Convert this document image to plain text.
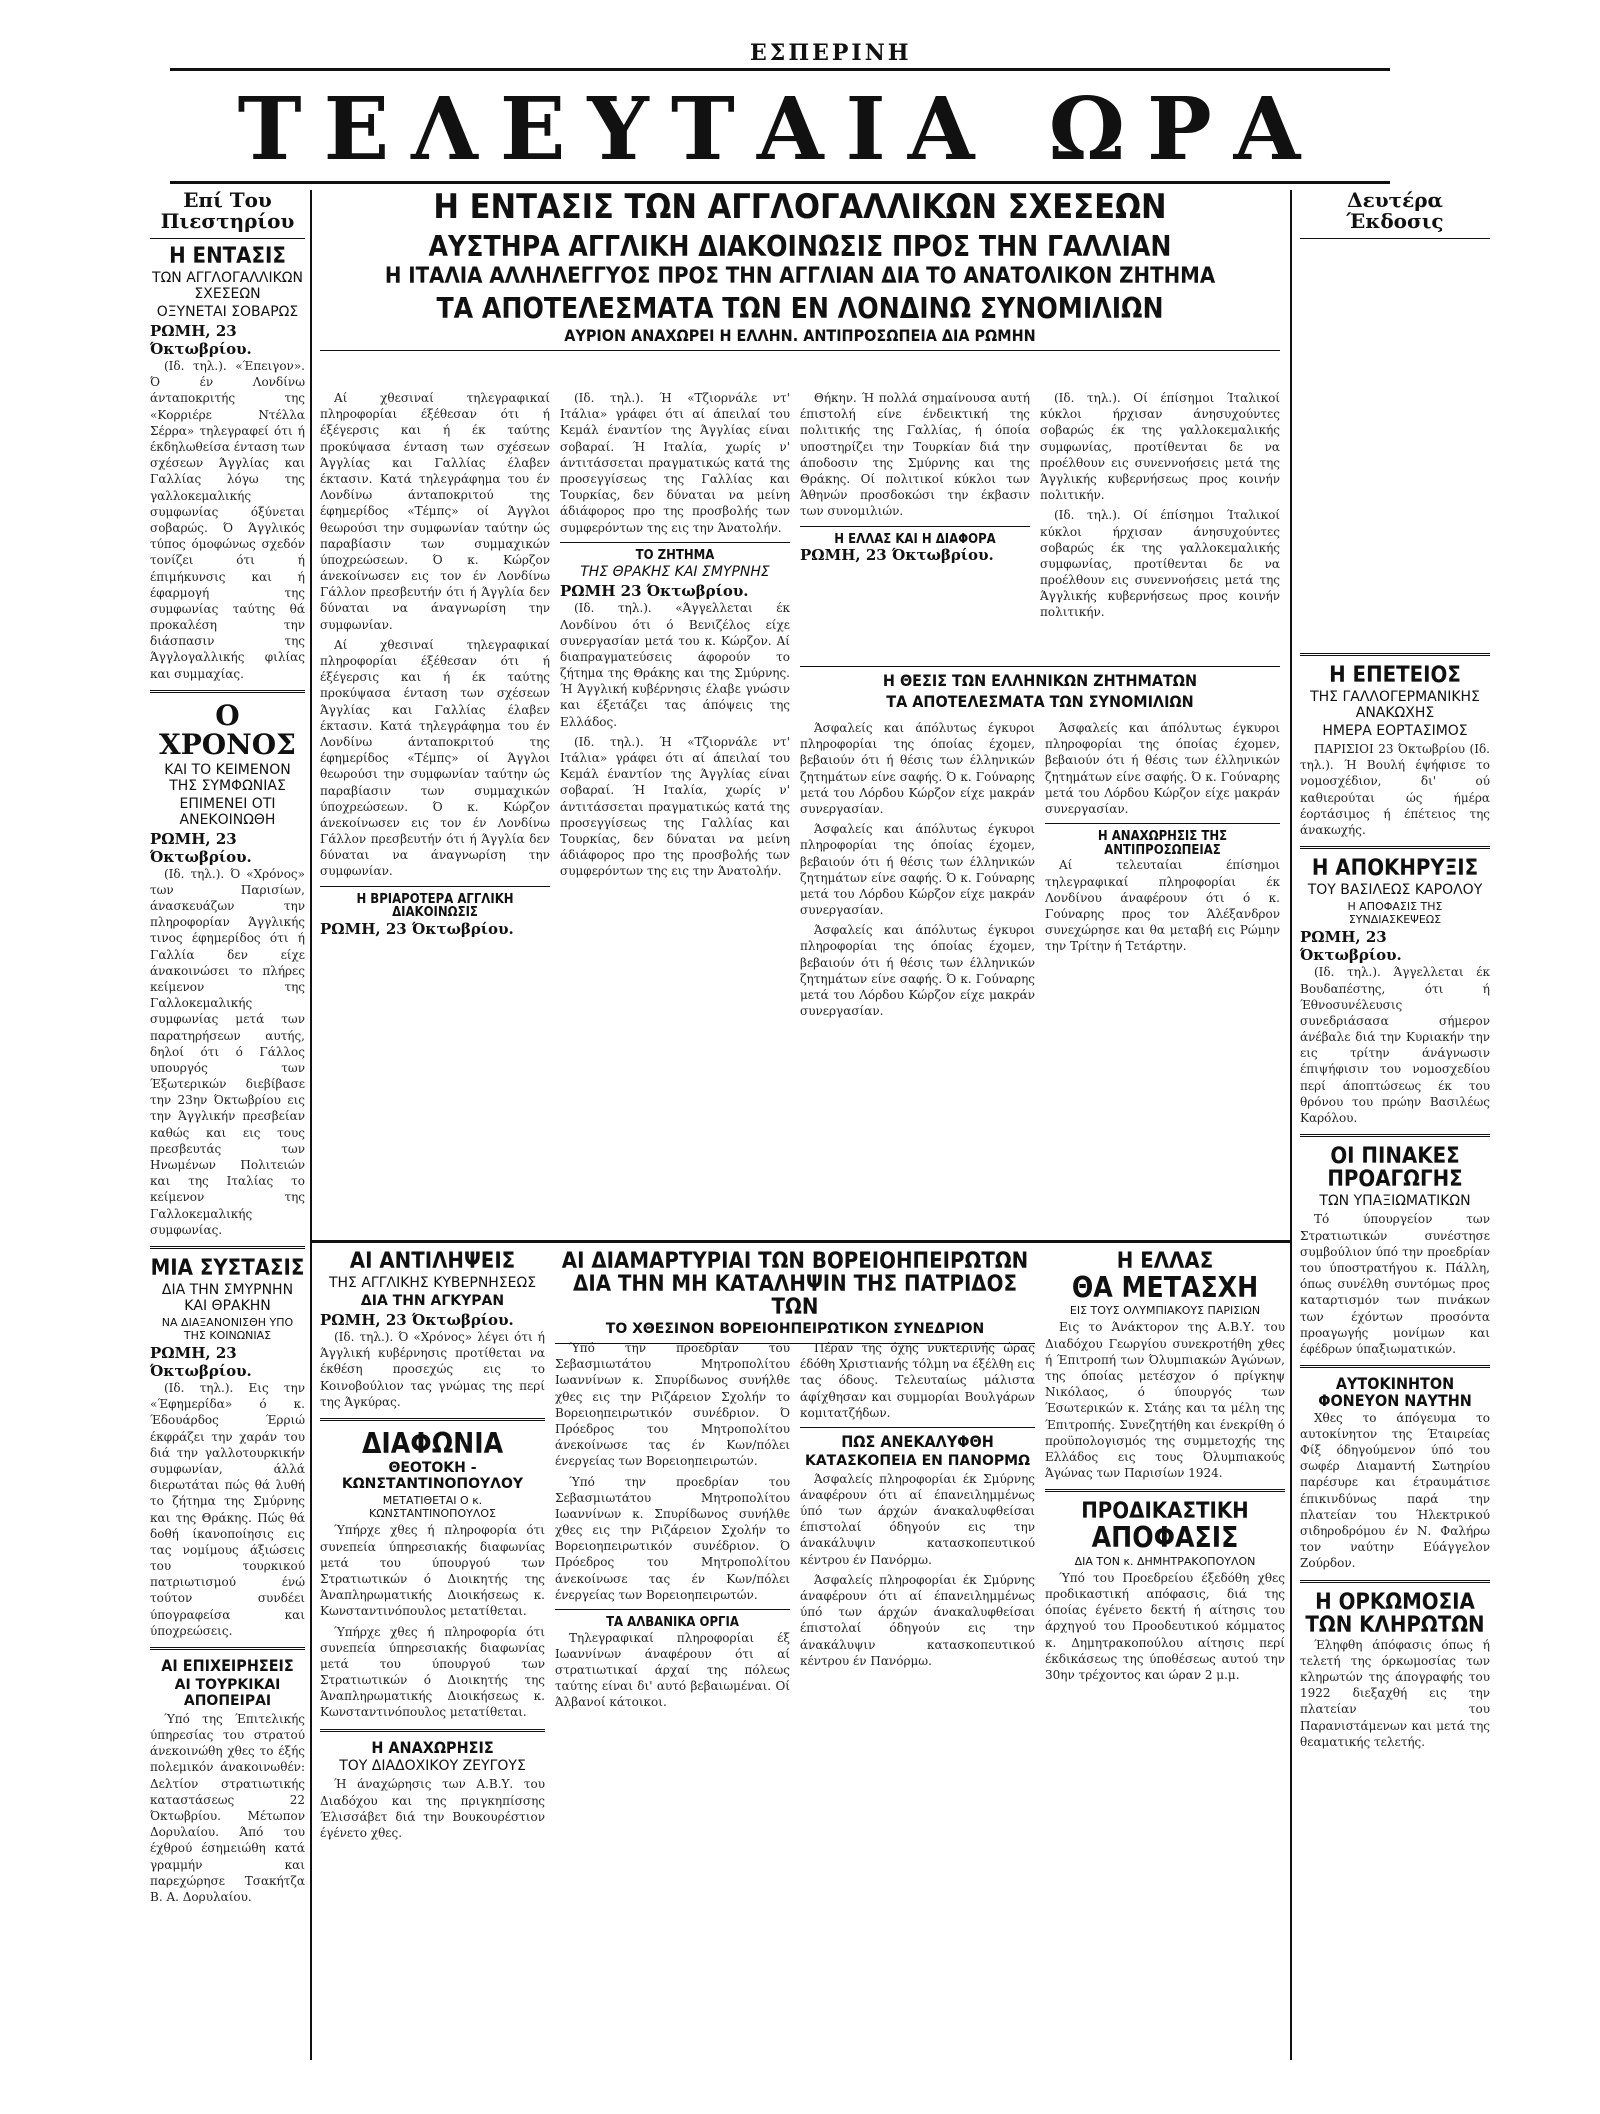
ΕΣΠΕΡΙΝΗ
ΤΕΛΕΥΤΑΙΑ ΩΡΑ
Επί Του Πιεστηρίου
Η ΕΝΤΑΣΙΣ
ΤΩΝ ΑΓΓΛΟΓΑΛΛΙΚΩΝ ΣΧΕΣΕΩΝ
ΟΞΥΝΕΤΑΙ ΣΟΒΑΡΩΣ
ΡΩΜΗ, 23 Όκτωβρίου.

(Ιδ. τηλ.). «Έπειγον». Ό έν Λονδίνω άνταποκριτής της «Κορριέρε Ντέλλα Σέρρα» τηλεγραφεί ότι ή έκδηλωθείσα ένταση των σχέσεων Άγγλίας και Γαλλίας λόγω της γαλλοκεμαλικής συμφωνίας όξύνεται σοβαρώς. Ό Άγγλικός τύπος όμοφώνως σχεδόν τονίζει ότι ή έπιμήκυνσις και ή έφαρμογή της συμφωνίας ταύτης θά προκαλέση την διάσπασιν της Άγγλογαλλικής φιλίας και συμμαχίας.

Ο ΧΡΟΝΟΣ
ΚΑΙ ΤΟ ΚΕΙΜΕΝΟΝ ΤΗΣ ΣΥΜΦΩΝΙΑΣ
ΕΠΙΜΕΝΕΙ ΟΤΙ ΑΝΕΚΟΙΝΩΘΗ
ΡΩΜΗ, 23 Όκτωβρίου.

(Ιδ. τηλ.). Ό «Χρόνος» των Παρισίων, άνασκευάζων την πληροφορίαν Άγγλικής τινος έφημερίδος ότι ή Γαλλία δεν είχε άνακοινώσει το πλήρες κείμενον της Γαλλοκεμαλικής συμφωνίας μετά των παρατηρήσεων αυτής, δηλοί ότι ό Γάλλος υπουργός των Έξωτερικών διεβίβασε την 23ην Όκτωβρίου εις την Άγγλικήν πρεσβείαν καθώς και εις τους πρεσβευτάς των Ηνωμένων Πολιτειών και της Ιταλίας το κείμενον της Γαλλοκεμαλικής συμφωνίας.

ΜΙΑ ΣΥΣΤΑΣΙΣ
ΔΙΑ ΤΗΝ ΣΜΥΡΝΗΝ ΚΑΙ ΘΡΑΚΗΝ
ΝΑ ΔΙΑΞΑΝΟΝΙΣΘΗ ΥΠΟ ΤΗΣ ΚΟΙΝΩΝΙΑΣ
ΡΩΜΗ, 23 Όκτωβρίου.

(Ιδ. τηλ.). Εις την «Έφημερίδα» ό κ. Έδουάρδος Έρριώ έκφράζει την χαράν του διά την γαλλοτουρκικήν συμφωνίαν, άλλά διερωτάται πώς θά λυθή το ζήτημα της Σμύρνης και της Θράκης. Πώς θά δοθή ίκανοποίησις εις τας νομίμους άξιώσεις του τουρκικού πατριωτισμού ένώ τούτον συνδέει ύπογραφείσα και ύποχρεώσεις.

ΑΙ ΕΠΙΧΕΙΡΗΣΕΙΣ
ΑΙ ΤΟΥΡΚΙΚΑΙ ΑΠΟΠΕΙΡΑΙ

Ύπό της Έπιτελικής ύπηρεσίας του στρατού άνεκοινώθη χθες το έξής πολεμικόν άνακοινωθέν: Δελτίον στρατιωτικής καταστάσεως 22 Όκτωβρίου. Μέτωπον Δορυλαίου. Άπό του έχθρού έσημειώθη κατά γραμμήν και παρεχώρησε Τσακήτζα Β. Α. Δορυλαίου.

Η ΕΝΤΑΣΙΣ ΤΩΝ ΑΓΓΛΟΓΑΛΛΙΚΩΝ ΣΧΕΣΕΩΝ
ΑΥΣΤΗΡΑ ΑΓΓΛΙΚΗ ΔΙΑΚΟΙΝΩΣΙΣ ΠΡΟΣ ΤΗΝ ΓΑΛΛΙΑΝ
Η ΙΤΑΛΙΑ ΑΛΛΗΛΕΓΓΥΟΣ ΠΡΟΣ ΤΗΝ ΑΓΓΛΙΑΝ ΔΙΑ ΤΟ ΑΝΑΤΟΛΙΚΟΝ ΖΗΤΗΜΑ
ΤΑ ΑΠΟΤΕΛΕΣΜΑΤΑ ΤΩΝ ΕΝ ΛΟΝΔΙΝΩ ΣΥΝΟΜΙΛΙΩΝ
ΑΥΡΙΟΝ ΑΝΑΧΩΡΕΙ Η ΕΛΛΗΝ. ΑΝΤΙΠΡΟΣΩΠΕΙΑ ΔΙΑ ΡΩΜΗΝ

Αί χθεσιναί τηλεγραφικαί πληροφορίαι έξέθεσαν ότι ή έξέγερσις και ή έκ ταύτης προκύψασα ένταση των σχέσεων Άγγλίας και Γαλλίας έλαβεν έκτασιν. Κατά τηλεγράφημα του έν Λονδίνω άνταποκριτού της έφημερίδος «Τέμπς» οί Άγγλοι θεωρούσι την συμφωνίαν ταύτην ώς παραβίασιν των συμμαχικών ύποχρεώσεων. Ό κ. Κώρζον άνεκοίνωσεν εις τον έν Λονδίνω Γάλλον πρεσβευτήν ότι ή Άγγλία δεν δύναται να άναγνωρίση την συμφωνίαν.

Αί χθεσιναί τηλεγραφικαί πληροφορίαι έξέθεσαν ότι ή έξέγερσις και ή έκ ταύτης προκύψασα ένταση των σχέσεων Άγγλίας και Γαλλίας έλαβεν έκτασιν. Κατά τηλεγράφημα του έν Λονδίνω άνταποκριτού της έφημερίδος «Τέμπς» οί Άγγλοι θεωρούσι την συμφωνίαν ταύτην ώς παραβίασιν των συμμαχικών ύποχρεώσεων. Ό κ. Κώρζον άνεκοίνωσεν εις τον έν Λονδίνω Γάλλον πρεσβευτήν ότι ή Άγγλία δεν δύναται να άναγνωρίση την συμφωνίαν.

Η ΒΡΙΑΡΟΤΕΡΑ ΑΓΓΛΙΚΗ ΔΙΑΚΟΙΝΩΣΙΣ
ΡΩΜΗ, 23 Όκτωβρίου.

(Ιδ. τηλ.). Ή «Τζιορνάλε ντ' Ιτάλια» γράφει ότι αί άπειλαί του Κεμάλ έναντίον της Άγγλίας είναι σοβαραί. Ή Ιταλία, χωρίς ν' άντιτάσσεται πραγματικώς κατά της προσεγγίσεως της Γαλλίας και Τουρκίας, δεν δύναται να μείνη άδιάφορος προ της προσβολής των συμφερόντων της εις την Άνατολήν.

ΤΟ ΖΗΤΗΜΑ
ΤΗΣ ΘΡΑΚΗΣ ΚΑΙ ΣΜΥΡΝΗΣ
ΡΩΜΗ 23 Όκτωβρίου.

(Ιδ. τηλ.). «Άγγελλεται έκ Λονδίνου ότι ό Βενιζέλος είχε συνεργασίαν μετά του κ. Κώρζον. Αί διαπραγματεύσεις άφορούν το ζήτημα της Θράκης και της Σμύρνης. Ή Άγγλική κυβέρνησις έλαβε γνώσιν και έξετάζει τας άπόψεις της Ελλάδος.

(Ιδ. τηλ.). Ή «Τζιορνάλε ντ' Ιτάλια» γράφει ότι αί άπειλαί του Κεμάλ έναντίον της Άγγλίας είναι σοβαραί. Ή Ιταλία, χωρίς ν' άντιτάσσεται πραγματικώς κατά της προσεγγίσεως της Γαλλίας και Τουρκίας, δεν δύναται να μείνη άδιάφορος προ της προσβολής των συμφερόντων της εις την Άνατολήν.

Θήκην. Ή πολλά σημαίνουσα αυτή έπιστολή είνε ένδεικτική της πολιτικής της Γαλλίας, ή όποία υποστηρίζει την Τουρκίαν διά την άποδοσιν της Σμύρνης και της Θράκης. Οί πολιτικοί κύκλοι των Άθηνών προσδοκώσι την έκβασιν των συνομιλιών.

Η ΕΛΛΑΣ ΚΑΙ Η ΔΙΑΦΟΡΑ
ΡΩΜΗ, 23 Όκτωβρίου.

(Ιδ. τηλ.). Οί έπίσημοι Ίταλικοί κύκλοι ήρχισαν άνησυχούντες σοβαρώς έκ της γαλλοκεμαλικής συμφωνίας, προτίθενται δε να προέλθουν εις συνεννοήσεις μετά της Άγγλικής κυβερνήσεως προς κοινήν πολιτικήν.

(Ιδ. τηλ.). Οί έπίσημοι Ίταλικοί κύκλοι ήρχισαν άνησυχούντες σοβαρώς έκ της γαλλοκεμαλικής συμφωνίας, προτίθενται δε να προέλθουν εις συνεννοήσεις μετά της Άγγλικής κυβερνήσεως προς κοινήν πολιτικήν.

Η ΘΕΣΙΣ ΤΩΝ ΕΛΛΗΝΙΚΩΝ ΖΗΤΗΜΑΤΩΝ
ΤΑ ΑΠΟΤΕΛΕΣΜΑΤΑ ΤΩΝ ΣΥΝΟΜΙΛΙΩΝ

Άσφαλείς και άπόλυτως έγκυροι πληροφορίαι της όποίας έχομεν, βεβαιούν ότι ή θέσις των έλληνικών ζητημάτων είνε σαφής. Ό κ. Γούναρης μετά του Λόρδου Κώρζον είχε μακράν συνεργασίαν.

Άσφαλείς και άπόλυτως έγκυροι πληροφορίαι της όποίας έχομεν, βεβαιούν ότι ή θέσις των έλληνικών ζητημάτων είνε σαφής. Ό κ. Γούναρης μετά του Λόρδου Κώρζον είχε μακράν συνεργασίαν.

Άσφαλείς και άπόλυτως έγκυροι πληροφορίαι της όποίας έχομεν, βεβαιούν ότι ή θέσις των έλληνικών ζητημάτων είνε σαφής. Ό κ. Γούναρης μετά του Λόρδου Κώρζον είχε μακράν συνεργασίαν.

Άσφαλείς και άπόλυτως έγκυροι πληροφορίαι της όποίας έχομεν, βεβαιούν ότι ή θέσις των έλληνικών ζητημάτων είνε σαφής. Ό κ. Γούναρης μετά του Λόρδου Κώρζον είχε μακράν συνεργασίαν.

Η ΑΝΑΧΩΡΗΣΙΣ ΤΗΣ ΑΝΤΙΠΡΟΣΩΠΕΙΑΣ

Αί τελευταίαι έπίσημοι τηλεγραφικαί πληροφορίαι έκ Λονδίνου άναφέρουν ότι ό κ. Γούναρης προς τον Άλέξανδρον συνεχώρησε και θα μεταβή εις Ρώμην την Τρίτην ή Τετάρτην.

ΑΙ ΑΝΤΙΛΗΨΕΙΣ
ΤΗΣ ΑΓΓΛΙΚΗΣ ΚΥΒΕΡΝΗΣΕΩΣ
ΔΙΑ ΤΗΝ ΑΓΚΥΡΑΝ
ΡΩΜΗ, 23 Όκτωβρίου.

(Ιδ. τηλ.). Ό «Χρόνος» λέγει ότι ή Άγγλική κυβέρνησις προτίθεται να έκθέση προσεχώς εις το Κοινοβούλιον τας γνώμας της περί της Άγκύρας.

ΔΙΑΦΩΝΙΑ
ΘΕΟΤΟΚΗ - ΚΩΝΣΤΑΝΤΙΝΟΠΟΥΛΟΥ
ΜΕΤΑΤΙΘΕΤΑΙ Ο κ. ΚΩΝΣΤΑΝΤΙΝΟΠΟΥΛΟΣ

Ύπήρχε χθες ή πληροφορία ότι συνεπεία ύπηρεσιακής διαφωνίας μετά του ύπουργού των Στρατιωτικών ό Διοικητής της Άναπληρωματικής Διοικήσεως κ. Κωνσταντινόπουλος μετατίθεται.

Ύπήρχε χθες ή πληροφορία ότι συνεπεία ύπηρεσιακής διαφωνίας μετά του ύπουργού των Στρατιωτικών ό Διοικητής της Άναπληρωματικής Διοικήσεως κ. Κωνσταντινόπουλος μετατίθεται.

Η ΑΝΑΧΩΡΗΣΙΣ
ΤΟΥ ΔΙΑΔΟΧΙΚΟΥ ΖΕΥΓΟΥΣ

Ή άναχώρησις των Α.Β.Υ. του Διαδόχου και της πριγκηπίσσης Έλισσάβετ διά την Βουκουρέστιον έγένετο χθες.

ΑΙ ΔΙΑΜΑΡΤΥΡΙΑΙ ΤΩΝ ΒΟΡΕΙΟΗΠΕΙΡΩΤΩΝ
ΔΙΑ ΤΗΝ ΜΗ ΚΑΤΑΛΗΨΙΝ ΤΗΣ ΠΑΤΡΙΔΟΣ ΤΩΝ
ΤΟ ΧΘΕΣΙΝΟΝ ΒΟΡΕΙΟΗΠΕΙΡΩΤΙΚΟΝ ΣΥΝΕΔΡΙΟΝ

Ύπό την προεδρίαν του Σεβασμιωτάτου Μητροπολίτου Ιωαννίνων κ. Σπυρίδωνος συνήλθε χθες εις την Ριζάρειον Σχολήν το Βορειοηπειρωτικόν συνέδριον. Ό Πρόεδρος του Μητροπολίτου άνεκοίνωσε τας έν Κων/πόλει ένεργείας των Βορειοηπειρωτών.

Ύπό την προεδρίαν του Σεβασμιωτάτου Μητροπολίτου Ιωαννίνων κ. Σπυρίδωνος συνήλθε χθες εις την Ριζάρειον Σχολήν το Βορειοηπειρωτικόν συνέδριον. Ό Πρόεδρος του Μητροπολίτου άνεκοίνωσε τας έν Κων/πόλει ένεργείας των Βορειοηπειρωτών.

ΤΑ ΑΛΒΑΝΙΚΑ ΟΡΓΙΑ

Τηλεγραφικαί πληροφορίαι έξ Ιωαννίνων άναφέρουν ότι αί στρατιωτικαί άρχαί της πόλεως ταύτης είναι δι' αυτό βεβαιωμέναι. Οί Άλβανοί κάτοικοι.

Πέραν της όχης νυκτερινής ώρας έδόθη Χριστιανής τόλμη να έξέλθη εις τας όδους. Τελευταίως μάλιστα άφίχθησαν και συμμορίαι Βουλγάρων κομιτατζήδων.

ΠΩΣ ΑΝΕΚΑΛΥΦΘΗ
ΚΑΤΑΣΚΟΠΕΙΑ ΕΝ ΠΑΝΟΡΜΩ

Άσφαλείς πληροφορίαι έκ Σμύρνης άναφέρουν ότι αί έπανειλημμένως ύπό των άρχών άνακαλυφθείσαι έπιστολαί όδηγούν εις την άνακάλυψιν κατασκοπευτικού κέντρου έν Πανόρμω.

Άσφαλείς πληροφορίαι έκ Σμύρνης άναφέρουν ότι αί έπανειλημμένως ύπό των άρχών άνακαλυφθείσαι έπιστολαί όδηγούν εις την άνακάλυψιν κατασκοπευτικού κέντρου έν Πανόρμω.

Η ΕΛΛΑΣ
ΘΑ ΜΕΤΑΣΧΗ
ΕΙΣ ΤΟΥΣ ΟΛΥΜΠΙΑΚΟΥΣ ΠΑΡΙΣΙΩΝ

Εις το Άνάκτορον της Α.Β.Υ. του Διαδόχου Γεωργίου συνεκροτήθη χθες ή Έπιτροπή των Όλυμπιακών Άγώνων, της όποίας μετέσχον ό πρίγκηψ Νικόλαος, ό ύπουργός των Έσωτερικών κ. Στάης και τα μέλη της Έπιτροπής. Συνεζητήθη και ένεκρίθη ό προϋπολογισμός της συμμετοχής της Ελλάδος εις τους Όλυμπιακούς Άγώνας των Παρισίων 1924.

ΠΡΟΔΙΚΑΣΤΙΚΗ
ΑΠΟΦΑΣΙΣ
ΔΙΑ ΤΟΝ κ. ΔΗΜΗΤΡΑΚΟΠΟΥΛΟΝ

Ύπό του Προεδρείου έξεδόθη χθες προδικαστική απόφασις, διά της όποίας έγένετο δεκτή ή αίτησις του άρχηγού του Προοδευτικού κόμματος κ. Δημητρακοπούλου αίτησις περί έκδικάσεως της ύποθέσεως αυτού την 30ην τρέχοντος και ώραν 2 μ.μ.

Δευτέρα Έκδοσις
Η ΕΠΕΤΕΙΟΣ
ΤΗΣ ΓΑΛΛΟΓΕΡΜΑΝΙΚΗΣ ΑΝΑΚΩΧΗΣ
ΗΜΕΡΑ ΕΟΡΤΑΣΙΜΟΣ

ΠΑΡΙΣΙΟΙ 23 Όκτωβρίου (Ιδ. τηλ.). Ή Βουλή έψήφισε το νομοσχέδιον, δι' ού καθιερούται ώς ήμέρα έορτάσιμος ή έπέτειος της άνακωχής.

Η ΑΠΟΚΗΡΥΞΙΣ
ΤΟΥ ΒΑΣΙΛΕΩΣ ΚΑΡΟΛΟΥ
Η ΑΠΟΦΑΣΙΣ ΤΗΣ ΣΥΝΔΙΑΣΚΕΨΕΩΣ
ΡΩΜΗ, 23 Όκτωβρίου.

(Ιδ. τηλ.). Άγγελλεται έκ Βουδαπέστης, ότι ή Έθνοσυνέλευσις συνεδριάσασα σήμερον άνέβαλε διά την Κυριακήν την εις τρίτην άνάγνωσιν έπιψήφισιν του νομοσχεδίου περί άποπτώσεως έκ του θρόνου του πρώην Βασιλέως Καρόλου.

ΟΙ ΠΙΝΑΚΕΣ
ΠΡΟΑΓΩΓΗΣ
ΤΩΝ ΥΠΑΞΙΩΜΑΤΙΚΩΝ

Τό ύπουργείον των Στρατιωτικών συνέστησε συμβούλιον ύπό την προεδρίαν του ύποστρατήγου κ. Πάλλη, όπως συνέλθη συντόμως προς καταρτισμόν των πινάκων των έχόντων προσόντα προαγωγής μονίμων και έφέδρων ύπαξιωματικών.

ΑΥΤΟΚΙΝΗΤΟΝ
ΦΟΝΕΥΟΝ ΝΑΥΤΗΝ

Χθες το άπόγευμα το αυτοκίνητον της Έταιρείας Φίξ όδηγούμενον ύπό του σωφέρ Διαμαντή Σωτηρίου παρέσυρε και έτραυμάτισε έπικινδύνως παρά την πλατείαν του Ήλεκτρικού σιδηροδρόμου έν Ν. Φαλήρω τον ναύτην Εύάγγελον Ζούρδον.

Η ΟΡΚΩΜΟΣΙΑ
ΤΩΝ ΚΛΗΡΩΤΩΝ

Έληφθη άπόφασις όπως ή τελετή της όρκωμοσίας των κληρωτών της άπογραφής του 1922 διεξαχθή εις την πλατείαν του Παρανιστάμενων και μετά της θεαματικής τελετής.
